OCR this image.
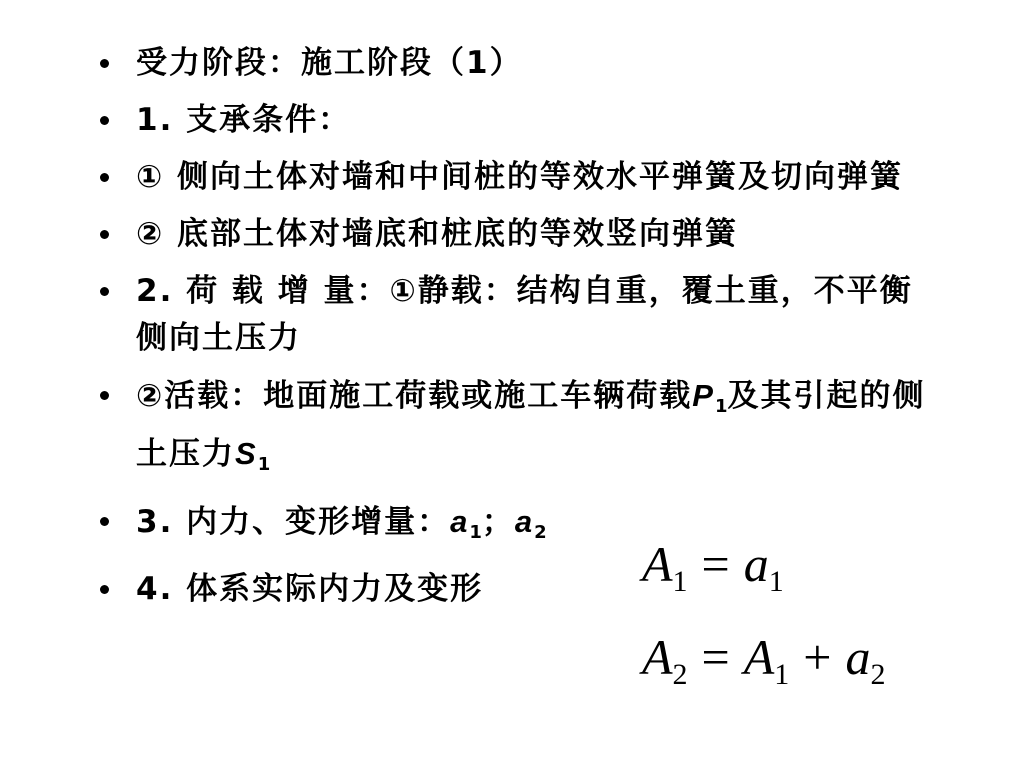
受力阶段：施工阶段（1）
1. 支承条件：
① 侧向土体对墙和中间桩的等效水平弹簧及切向弹簧
② 底部土体对墙底和桩底的等效竖向弹簧
2. 荷 载 增 量：①静载：结构自重，覆土重，不平衡侧向土压力
②活载：地面施工荷载或施工车辆荷载$P_1$及其引起的侧土压力$S_1$
3. 内力、变形增量：$a_1$；$a_2$
4. 体系实际内力及变形	$A_1 = a_1$
$A_2 = A_1 + a_2$
